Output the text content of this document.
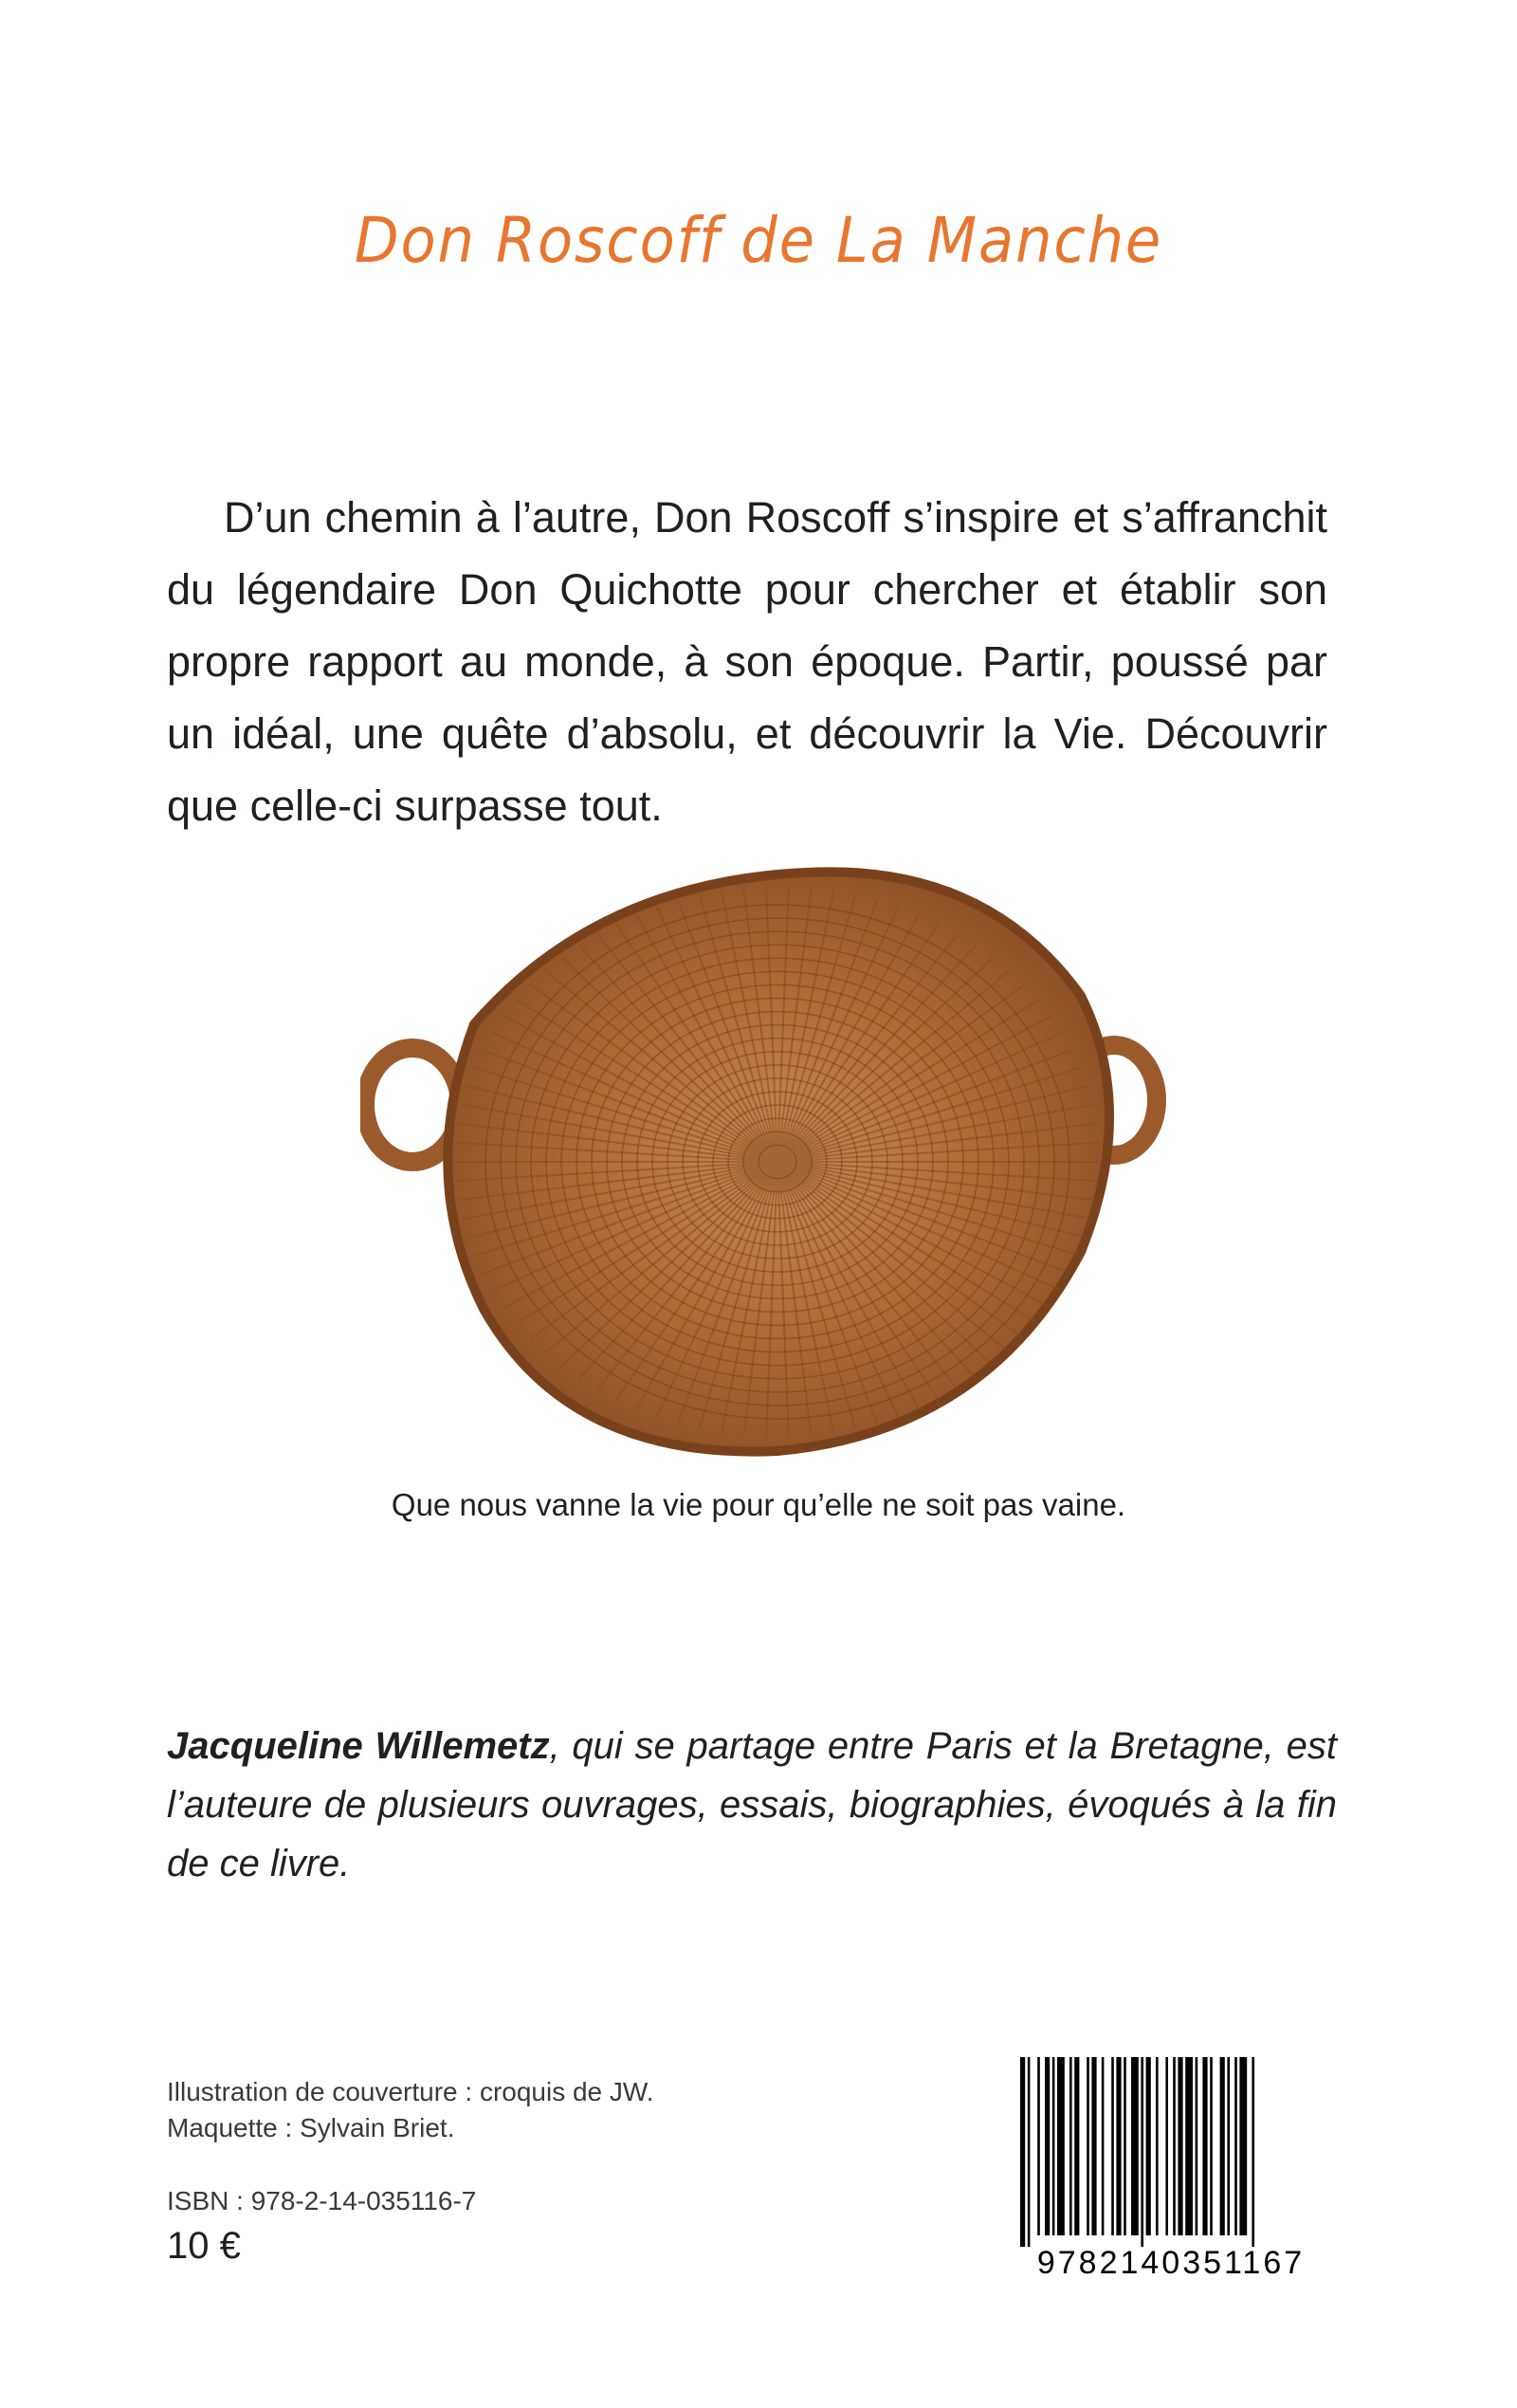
Don Roscoff de La Manche

D’un chemin à l’autre, Don Roscoff s’inspire et s’affranchit du légendaire Don Quichotte pour chercher et établir son propre rapport au monde, à son époque. Partir, poussé par un idéal, une quête d’absolu, et découvrir la Vie. Découvrir que celle-ci surpasse tout.

Que nous vanne la vie pour qu’elle ne soit pas vaine.

Jacqueline Willemetz, qui se partage entre Paris et la Bretagne, est l’auteure de plusieurs ouvrages, essais, biographies, évoqués à la fin de ce livre.

Illustration de couverture : croquis de JW.
Maquette : Sylvain Briet.
ISBN : 978-2-14-035116-7
10 €	9782140351167
